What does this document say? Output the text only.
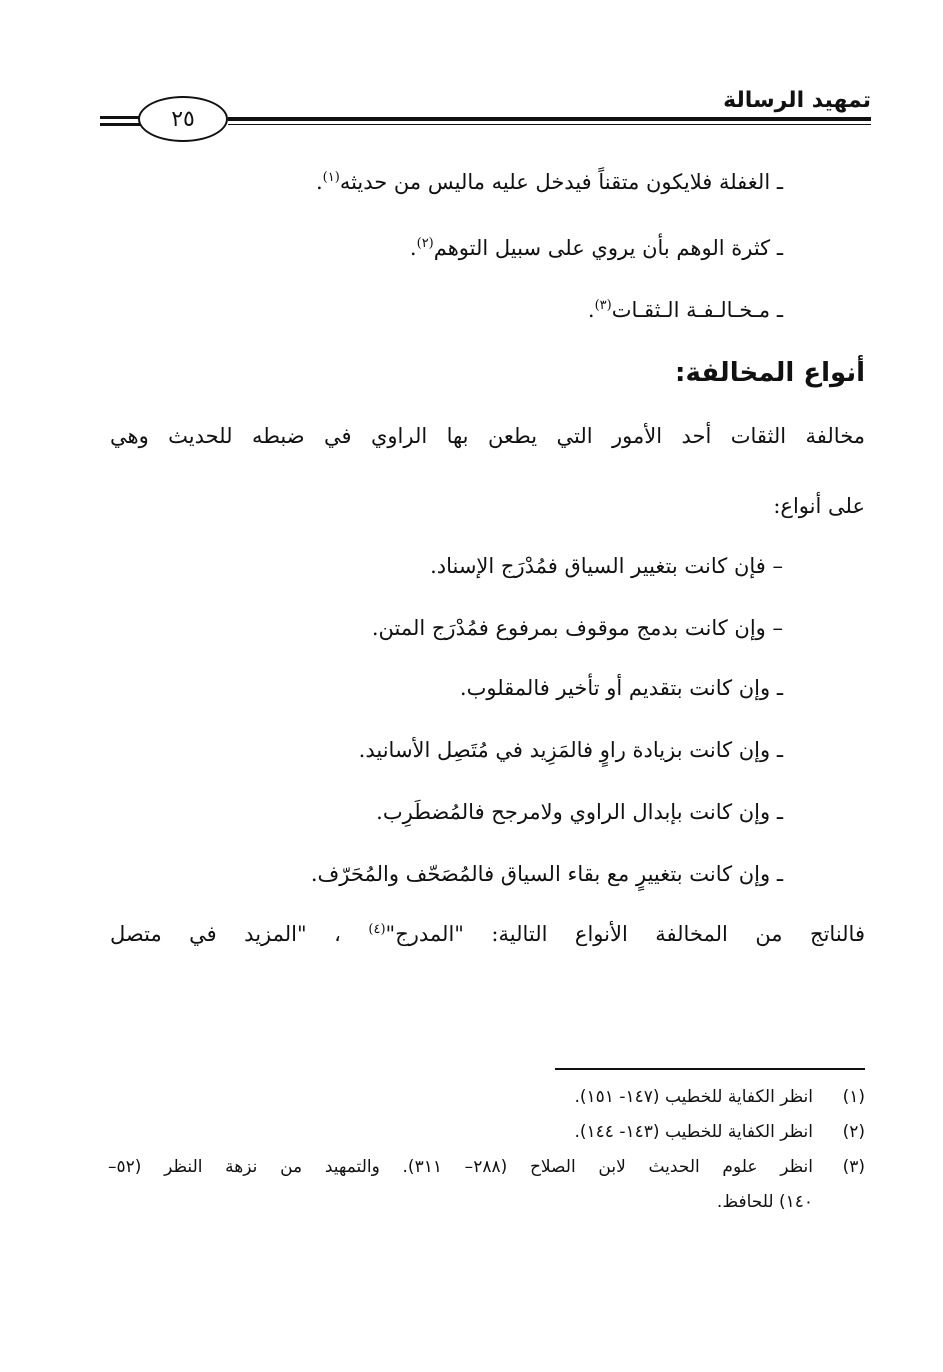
تمهيد الرسالة
٢٥
ـ الغفلة فلايكون متقناً فيدخل عليه ماليس من حديثه$^{(١)}$.
ـ كثرة الوهم بأن يروي على سبيل التوهم$^{(٢)}$.
ـ مـخـالـفـة الـثقـات$^{(٣)}$.
أنواع المخالفة:
مخالفة الثقات أحد الأمور التي يطعن بها الراوي في ضبطه للحديث وهي
على أنواع:
– فإن كانت بتغيير السياق فمُدْرَج الإسناد.
– وإن كانت بدمج موقوف بمرفوع فمُدْرَج المتن.
ـ وإن كانت بتقديم أو تأخير فالمقلوب.
ـ وإن كانت بزيادة راوٍ فالمَزِيد في مُتَصِل الأسانيد.
ـ وإن كانت بإبدال الراوي ولامرجح فالمُضطَرِب.
ـ وإن كانت بتغييرٍ مع بقاء السياق فالمُصَحّف والمُحَرّف.
فالناتج من المخالفة الأنواع التالية: "المدرج"$^{(٤)}$ ، "المزيد في متصل
(١)انظر الكفاية للخطيب (١٤٧- ١٥١).
(٢)انظر الكفاية للخطيب (١٤٣- ١٤٤).
(٣)انظر علوم الحديث لابن الصلاح (٢٨٨– ٣١١). والتمهيد من نزهة النظر (٥٢–
١٤٠) للحافظ.
